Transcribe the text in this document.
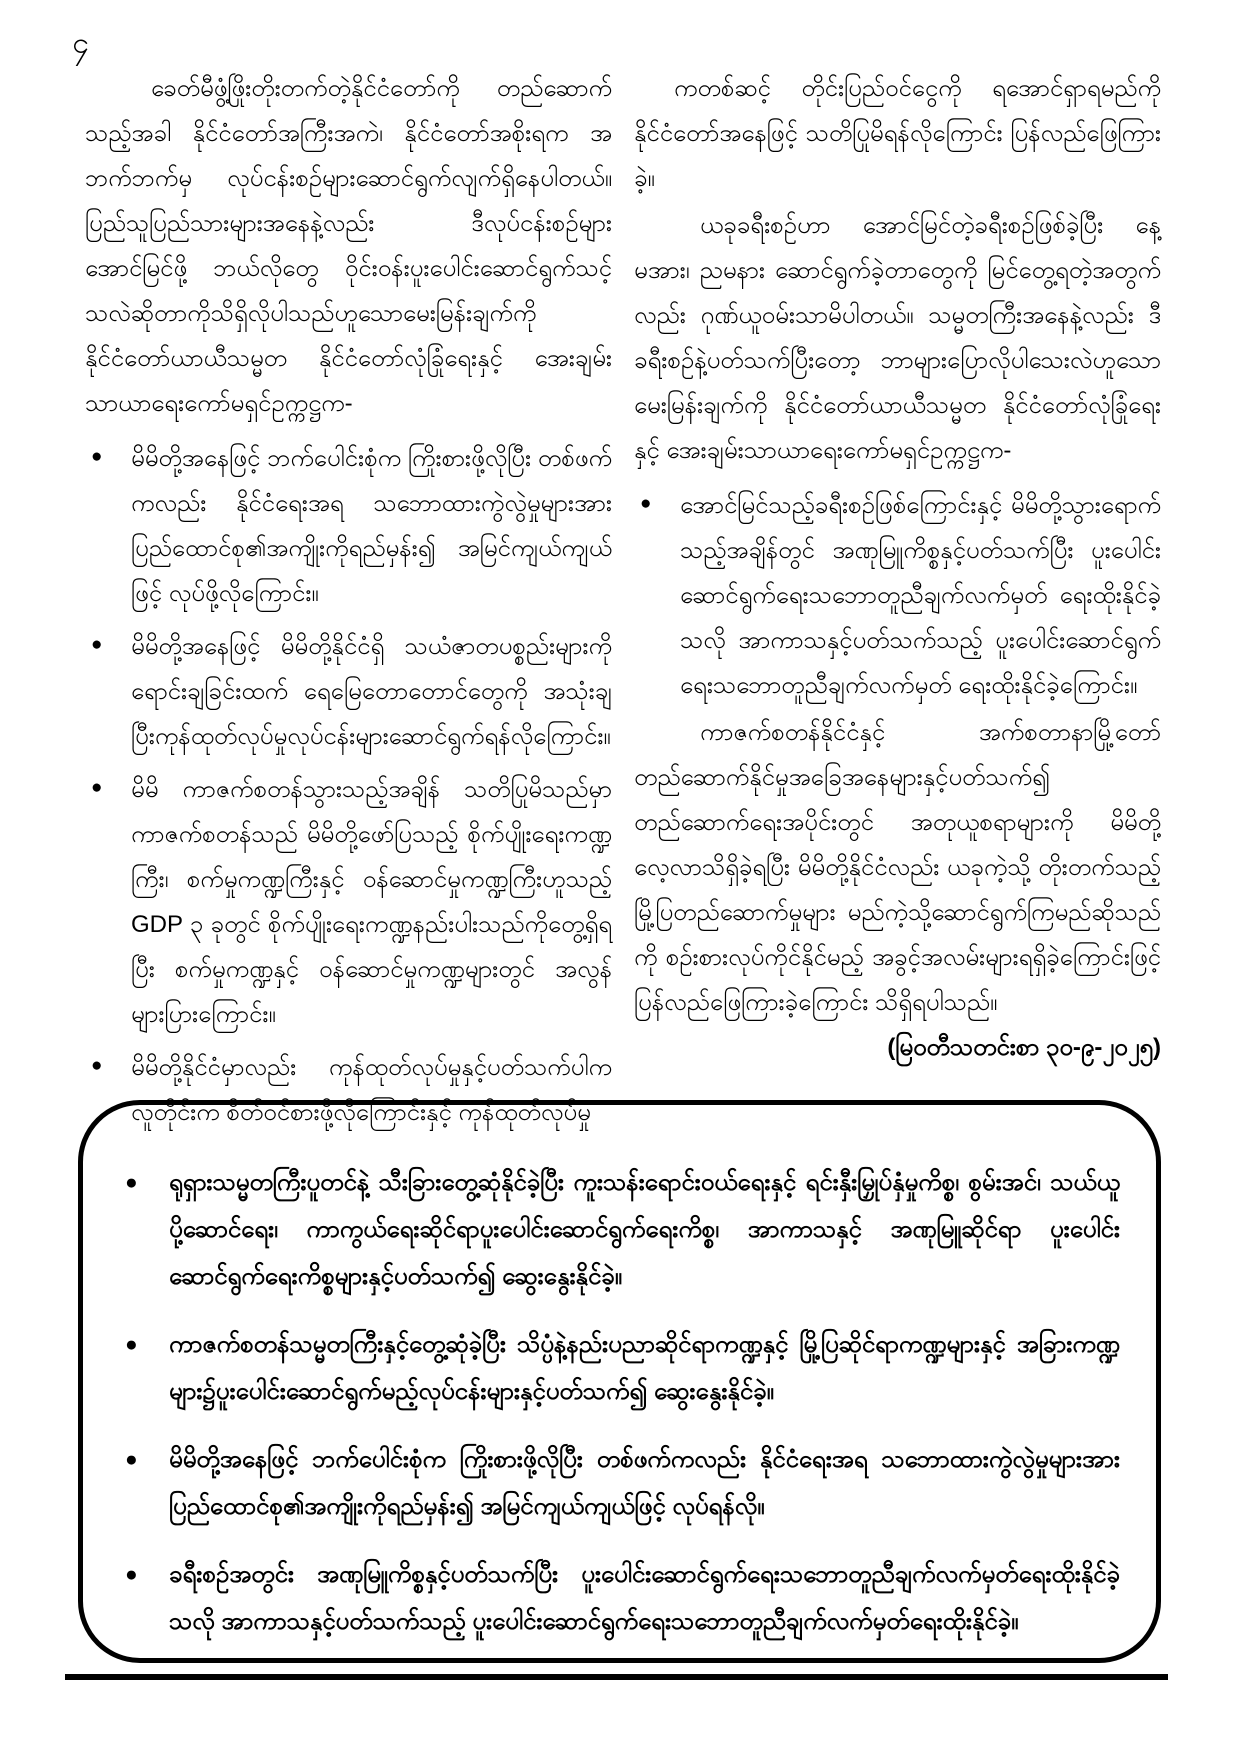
၄

ခေတ်မီဖွံ့ဖြိုးတိုးတက်တဲ့နိုင်ငံတော်ကို တည်ဆောက်သည့်အခါ နိုင်ငံတော်အကြီးအကဲ၊ နိုင်ငံတော်အစိုးရက အဘက်ဘက်မှ လုပ်ငန်းစဉ်များဆောင်ရွက်လျက်ရှိနေပါတယ်။ ပြည်သူပြည်သားများအနေနဲ့လည်း ဒီလုပ်ငန်းစဉ်များ အောင်မြင်ဖို့ ဘယ်လိုတွေ ဝိုင်းဝန်းပူးပေါင်းဆောင်ရွက်သင့်သလဲဆိုတာကိုသိရှိလိုပါသည်ဟူသောမေးမြန်းချက်ကို နိုင်ငံတော်ယာယီသမ္မတ နိုင်ငံတော်လုံခြုံရေးနှင့် အေးချမ်းသာယာရေးကော်မရှင်ဥက္ကဋ္ဌက-

● မိမိတို့အနေဖြင့် ဘက်ပေါင်းစုံက ကြိုးစားဖို့လိုပြီး တစ်ဖက်ကလည်း နိုင်ငံရေးအရ သဘောထားကွဲလွဲမှုများအား ပြည်ထောင်စု၏အကျိုးကိုရည်မှန်း၍ အမြင်ကျယ်ကျယ်ဖြင့် လုပ်ဖို့လိုကြောင်း။
● မိမိတို့အနေဖြင့် မိမိတို့နိုင်ငံရှိ သယံဇာတပစ္စည်းများကို ရောင်းချခြင်းထက် ရေမြေတောတောင်တွေကို အသုံးချပြီးကုန်ထုတ်လုပ်မှုလုပ်ငန်းများဆောင်ရွက်ရန်လိုကြောင်း။
● မိမိ ကာဇက်စတန်သွားသည့်အချိန် သတိပြုမိသည်မှာ ကာဇက်စတန်သည် မိမိတို့ဖော်ပြသည့် စိုက်ပျိုးရေးကဏ္ဍကြီး၊ စက်မှုကဏ္ဍကြီးနှင့် ဝန်ဆောင်မှုကဏ္ဍကြီးဟူသည့် GDP ၃ ခုတွင် စိုက်ပျိုးရေးကဏ္ဍနည်းပါးသည်ကိုတွေ့ရှိရပြီး စက်မှုကဏ္ဍနှင့် ဝန်ဆောင်မှုကဏ္ဍများတွင် အလွန်များပြားကြောင်း။
● မိမိတို့နိုင်ငံမှာလည်း ကုန်ထုတ်လုပ်မှုနှင့်ပတ်သက်ပါက လူတိုင်းက စိတ်ဝင်စားဖို့လိုကြောင်းနှင့် ကုန်ထုတ်လုပ်မှု

ကတစ်ဆင့် တိုင်းပြည်ဝင်ငွေကို ရအောင်ရှာရမည်ကို နိုင်ငံတော်အနေဖြင့် သတိပြုမိရန်လိုကြောင်း ပြန်လည်ဖြေကြားခဲ့။

ယခုခရီးစဉ်ဟာ အောင်မြင်တဲ့ခရီးစဉ်ဖြစ်ခဲ့ပြီး နေ့မအား၊ ညမနား ဆောင်ရွက်ခဲ့တာတွေကို မြင်တွေ့ရတဲ့အတွက်လည်း ဂုဏ်ယူဝမ်းသာမိပါတယ်။ သမ္မတကြီးအနေနဲ့လည်း ဒီခရီးစဉ်နဲ့ပတ်သက်ပြီးတော့ ဘာများပြောလိုပါသေးလဲဟူသော မေးမြန်းချက်ကို နိုင်ငံတော်ယာယီသမ္မတ နိုင်ငံတော်လုံခြုံရေးနှင့် အေးချမ်းသာယာရေးကော်မရှင်ဥက္ကဋ္ဌက-

● အောင်မြင်သည့်ခရီးစဉ်ဖြစ်ကြောင်းနှင့် မိမိတို့သွားရောက်သည့်အချိန်တွင် အဏုမြူကိစ္စနှင့်ပတ်သက်ပြီး ပူးပေါင်းဆောင်ရွက်ရေးသဘောတူညီချက်လက်မှတ် ရေးထိုးနိုင်ခဲ့သလို အာကာသနှင့်ပတ်သက်သည့် ပူးပေါင်းဆောင်ရွက်ရေးသဘောတူညီချက်လက်မှတ် ရေးထိုးနိုင်ခဲ့ကြောင်း။

ကာဇက်စတန်နိုင်ငံနှင့် အက်စတာနာမြို့တော် တည်ဆောက်နိုင်မှုအခြေအနေများနှင့်ပတ်သက်၍ တည်ဆောက်ရေးအပိုင်းတွင် အတုယူစရာများကို မိမိတို့လေ့လာသိရှိခဲ့ရပြီး မိမိတို့နိုင်ငံလည်း ယခုကဲ့သို့ တိုးတက်သည့် မြို့ပြတည်ဆောက်မှုများ မည်ကဲ့သို့ဆောင်ရွက်ကြမည်ဆိုသည်ကို စဉ်းစားလုပ်ကိုင်နိုင်မည့် အခွင့်အလမ်းများရရှိခဲ့ကြောင်းဖြင့် ပြန်လည်ဖြေကြားခဲ့ကြောင်း သိရှိရပါသည်။

(မြဝတီသတင်းစာ ၃၀-၉-၂၀၂၅)

● ရုရှားသမ္မတကြီးပူတင်နဲ့ သီးခြားတွေ့ဆုံနိုင်ခဲ့ပြီး ကူးသန်းရောင်းဝယ်ရေးနှင့် ရင်းနှီးမြှုပ်နှံမှုကိစ္စ၊ စွမ်းအင်၊ သယ်ယူပို့ဆောင်ရေး၊ ကာကွယ်ရေးဆိုင်ရာပူးပေါင်းဆောင်ရွက်ရေးကိစ္စ၊ အာကာသနှင့် အဏုမြူဆိုင်ရာ ပူးပေါင်းဆောင်ရွက်ရေးကိစ္စများနှင့်ပတ်သက်၍ ဆွေးနွေးနိုင်ခဲ့။
● ကာဇက်စတန်သမ္မတကြီးနှင့်တွေ့ဆုံခဲ့ပြီး သိပ္ပံနဲ့နည်းပညာဆိုင်ရာကဏ္ဍနှင့် မြို့ပြဆိုင်ရာကဏ္ဍများနှင့် အခြားကဏ္ဍများ၌ပူးပေါင်းဆောင်ရွက်မည့်လုပ်ငန်းများနှင့်ပတ်သက်၍ ဆွေးနွေးနိုင်ခဲ့။
● မိမိတို့အနေဖြင့် ဘက်ပေါင်းစုံက ကြိုးစားဖို့လိုပြီး တစ်ဖက်ကလည်း နိုင်ငံရေးအရ သဘောထားကွဲလွဲမှုများအား ပြည်ထောင်စု၏အကျိုးကိုရည်မှန်း၍ အမြင်ကျယ်ကျယ်ဖြင့် လုပ်ရန်လို။
● ခရီးစဉ်အတွင်း အဏုမြူကိစ္စနှင့်ပတ်သက်ပြီး ပူးပေါင်းဆောင်ရွက်ရေးသဘောတူညီချက်လက်မှတ်ရေးထိုးနိုင်ခဲ့သလို အာကာသနှင့်ပတ်သက်သည့် ပူးပေါင်းဆောင်ရွက်ရေးသဘောတူညီချက်လက်မှတ်ရေးထိုးနိုင်ခဲ့။
